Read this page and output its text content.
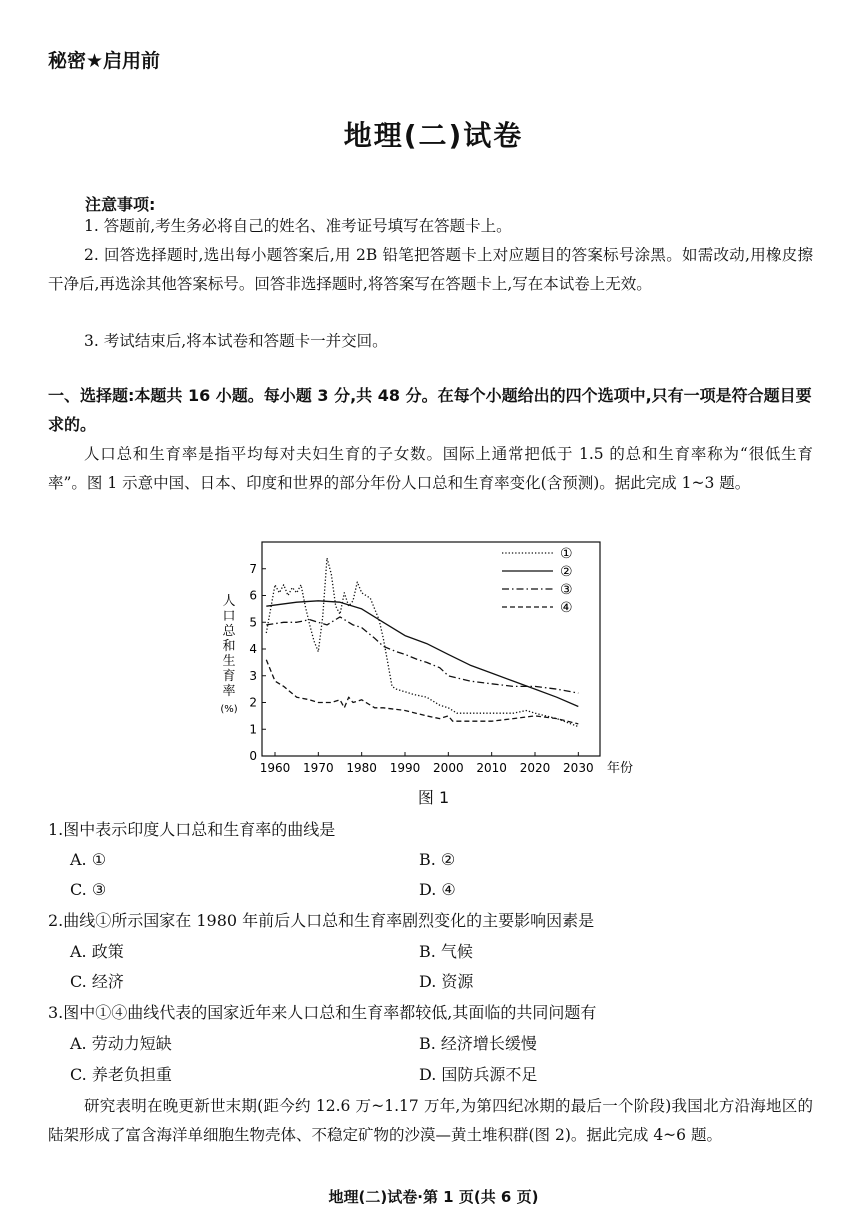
秘密★启用前
地理(二)试卷
注意事项:
1. 答题前,考生务必将自己的姓名、准考证号填写在答题卡上。
2. 回答选择题时,选出每小题答案后,用 2B 铅笔把答题卡上对应题目的答案标号涂黑。如需改动,用橡皮擦干净后,再选涂其他答案标号。回答非选择题时,将答案写在答题卡上,写在本试卷上无效。
3. 考试结束后,将本试卷和答题卡一并交回。
一、选择题:本题共 16 小题。每小题 3 分,共 48 分。在每个小题给出的四个选项中,只有一项是符合题目要求的。
人口总和生育率是指平均每对夫妇生育的子女数。国际上通常把低于 1.5 的总和生育率称为“很低生育率”。图 1 示意中国、日本、印度和世界的部分年份人口总和生育率变化(含预测)。据此完成 1~3 题。
0
1
2
3
4
5
6
7
1960 1970 1980 1990 2000 2010 2020 2030 年份
①
②
③
④
人
口
总
和
生
育
率
(%)
图 1
1.图中表示印度人口总和生育率的曲线是
A. ①	B. ②
C. ③	D. ④
2.曲线①所示国家在 1980 年前后人口总和生育率剧烈变化的主要影响因素是
A. 政策	B. 气候
C. 经济	D. 资源
3.图中①④曲线代表的国家近年来人口总和生育率都较低,其面临的共同问题有
A. 劳动力短缺	B. 经济增长缓慢
C. 养老负担重	D. 国防兵源不足
研究表明在晚更新世末期(距今约 12.6 万~1.17 万年,为第四纪冰期的最后一个阶段)我国北方沿海地区的陆架形成了富含海洋单细胞生物壳体、不稳定矿物的沙漠—黄土堆积群(图 2)。据此完成 4~6 题。
地理(二)试卷·第 1 页(共 6 页)
